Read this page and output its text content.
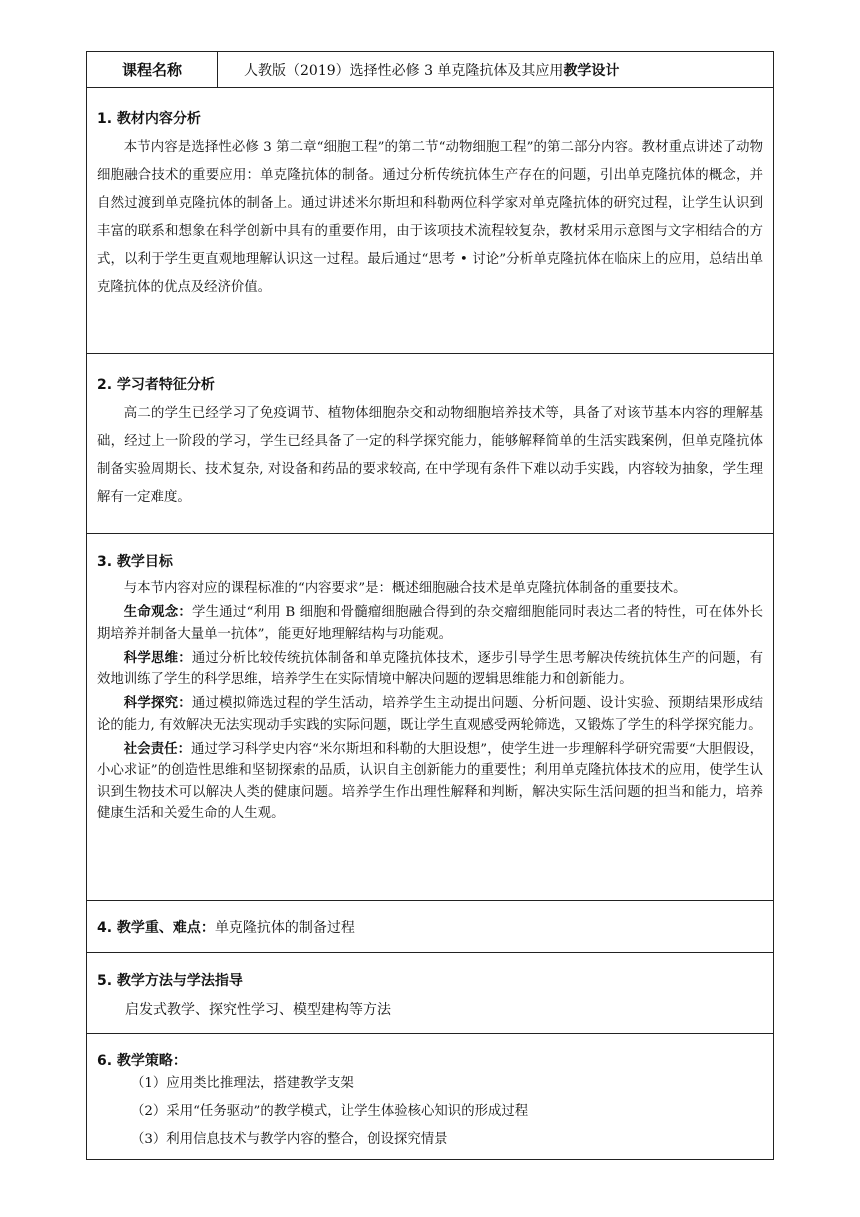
课程名称	人教版（2019）选择性必修 3 单克隆抗体及其应用 教学设计
1. 教材内容分析
本节内容是选择性必修 3 第二章“细胞工程”的第二节“动物细胞工程”的第二部分内容。教材重点讲述了动物细胞融合技术的重要应用：单克隆抗体的制备。通过分析传统抗体生产存在的问题，引出单克隆抗体的概念，并自然过渡到单克隆抗体的制备上。通过讲述米尔斯坦和科勒两位科学家对单克隆抗体的研究过程，让学生认识到丰富的联系和想象在科学创新中具有的重要作用，由于该项技术流程较复杂，教材采用示意图与文字相结合的方式，以利于学生更直观地理解认识这一过程。最后通过“思考 • 讨论”分析单克隆抗体在临床上的应用，总结出单克隆抗体的优点及经济价值。
2. 学习者特征分析
高二的学生已经学习了免疫调节、植物体细胞杂交和动物细胞培养技术等，具备了对该节基本内容的理解基础，经过上一阶段的学习，学生已经具备了一定的科学探究能力，能够解释简单的生活实践案例，但单克隆抗体制备实验周期长、技术复杂, 对设备和药品的要求较高, 在中学现有条件下难以动手实践，内容较为抽象，学生理解有一定难度。
3. 教学目标
与本节内容对应的课程标准的“内容要求”是：概述细胞融合技术是单克隆抗体制备的重要技术。
生命观念：学生通过“利用 B 细胞和骨髓瘤细胞融合得到的杂交瘤细胞能同时表达二者的特性，可在体外长期培养并制备大量单一抗体”，能更好地理解结构与功能观。
科学思维：通过分析比较传统抗体制备和单克隆抗体技术，逐步引导学生思考解决传统抗体生产的问题，有效地训练了学生的科学思维，培养学生在实际情境中解决问题的逻辑思维能力和创新能力。
科学探究：通过模拟筛选过程的学生活动，培养学生主动提出问题、分析问题、设计实验、预期结果形成结论的能力, 有效解决无法实现动手实践的实际问题，既让学生直观感受两轮筛选，又锻炼了学生的科学探究能力。
社会责任：通过学习科学史内容“米尔斯坦和科勒的大胆设想”，使学生进一步理解科学研究需要“大胆假设，小心求证”的创造性思维和坚韧探索的品质，认识自主创新能力的重要性；利用单克隆抗体技术的应用，使学生认识到生物技术可以解决人类的健康问题。培养学生作出理性解释和判断，解决实际生活问题的担当和能力，培养健康生活和关爱生命的人生观。
4. 教学重、难点： 单克隆抗体的制备过程
5. 教学方法与学法指导
启发式教学、探究性学习、模型建构等方法
6. 教学策略：
（1）应用类比推理法，搭建教学支架
（2）采用“任务驱动”的教学模式，让学生体验核心知识的形成过程
（3）利用信息技术与教学内容的整合，创设探究情景
